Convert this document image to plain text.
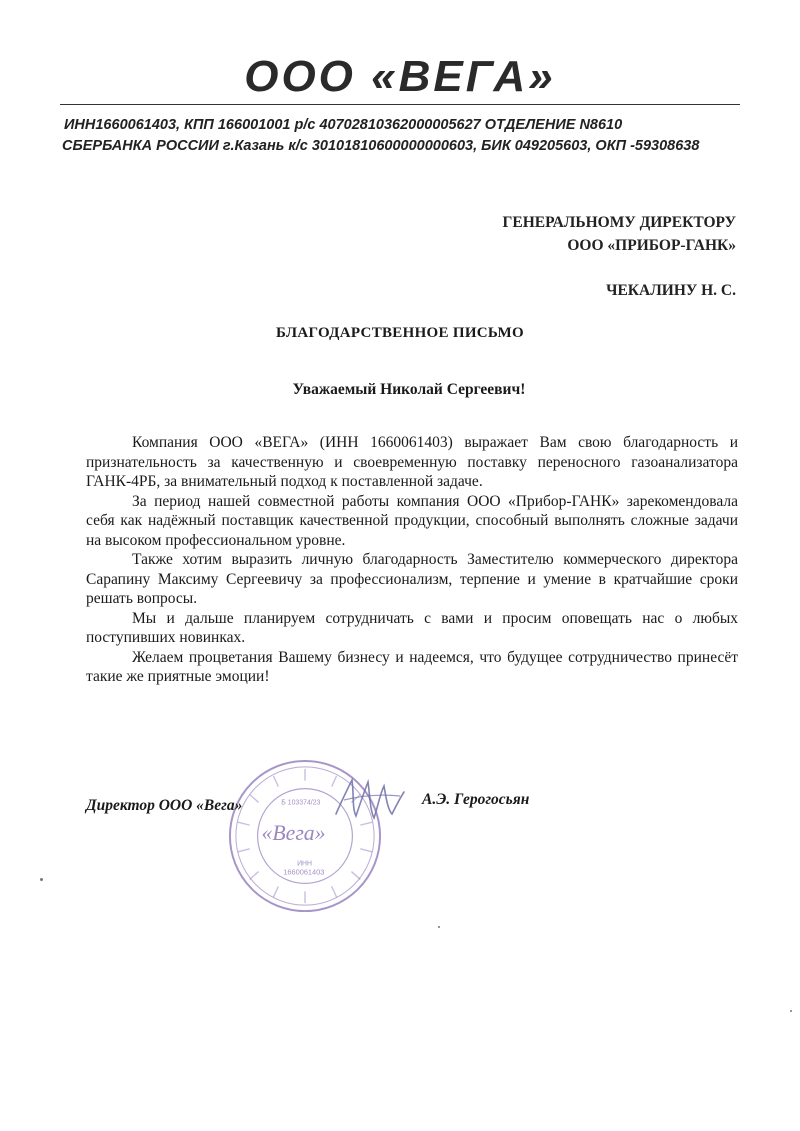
ООО «ВЕГА»
ИНН1660061403, КПП 166001001 р/с 40702810362000005627 ОТДЕЛЕНИЕ N8610
СБЕРБАНКА РОССИИ г.Казань к/с 30101810600000000603, БИК 049205603, ОКП -59308638
ГЕНЕРАЛЬНОМУ ДИРЕКТОРУ
ООО «ПРИБОР-ГАНК»
ЧЕКАЛИНУ Н. С.
БЛАГОДАРСТВЕННОЕ ПИСЬМО
Уважаемый Николай Сергеевич!

Компания ООО «ВЕГА» (ИНН 1660061403) выражает Вам свою благодарность и признательность за качественную и своевременную поставку переносного газоанализатора ГАНК-4РБ, за внимательный подход к поставленной задаче.

За период нашей совместной работы компания ООО «Прибор-ГАНК» зарекомендовала себя как надёжный поставщик качественной продукции, способный выполнять сложные задачи на высоком профессиональном уровне.

Также хотим выразить личную благодарность Заместителю коммерческого директора Сарапину Максиму Сергеевичу за профессионализм, терпение и умение в кратчайшие сроки решать вопросы.

Мы и дальше планируем сотрудничать с вами и просим оповещать нас о любых поступивших новинках.

Желаем процветания Вашему бизнесу и надеемся, что будущее сотрудничество принесёт такие же приятные эмоции!

«Вега»
Б 103374/23
ИНН
1660061403
Директор ООО «Вега»	А.Э. Герогосьян
